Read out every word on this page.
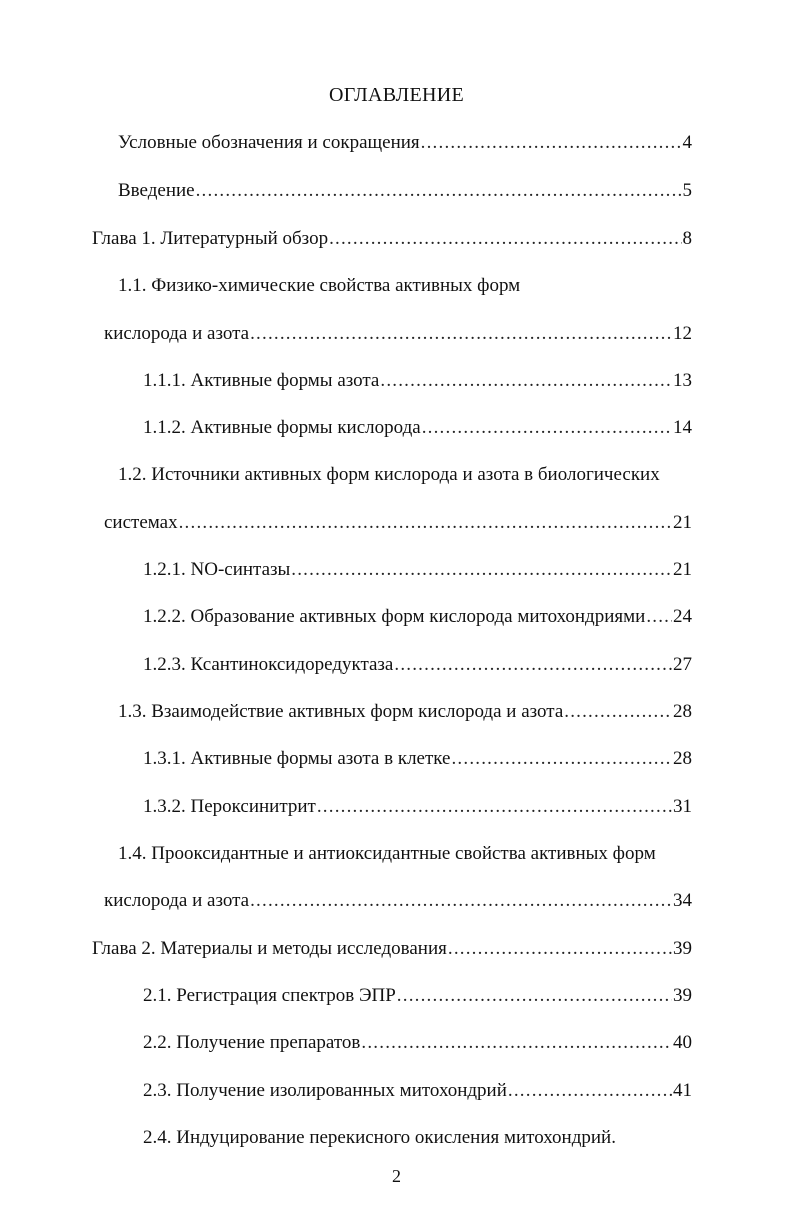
ОГЛАВЛЕНИЕ
Условные обозначения и сокращения .....	4
Введение .....	5
Глава 1. Литературный обзор .....	8
1.1. Физико-химические свойства активных форм
кислорода и азота .....	12
1.1.1. Активные формы азота .....	13
1.1.2. Активные формы кислорода .....	14
1.2. Источники активных форм кислорода и азота в биологических
системах .....	21
1.2.1. NO-синтазы .....	21
1.2.2. Образование активных форм кислорода митохондриями ..... 24
1.2.3. Ксантиноксидоредуктаза .....	27
1.3. Взаимодействие активных форм кислорода и азота .....	28
1.3.1. Активные формы азота в клетке .....	28
1.3.2. Пероксинитрит .....	31
1.4. Прооксидантные и антиоксидантные свойства активных форм
кислорода и азота .....	34
Глава 2. Материалы и методы исследования .....	39
2.1. Регистрация спектров ЭПР .....	39
2.2. Получение препаратов .....	40
2.3. Получение изолированных митохондрий .....	41
2.4. Индуцирование перекисного окисления митохондрий.
2
